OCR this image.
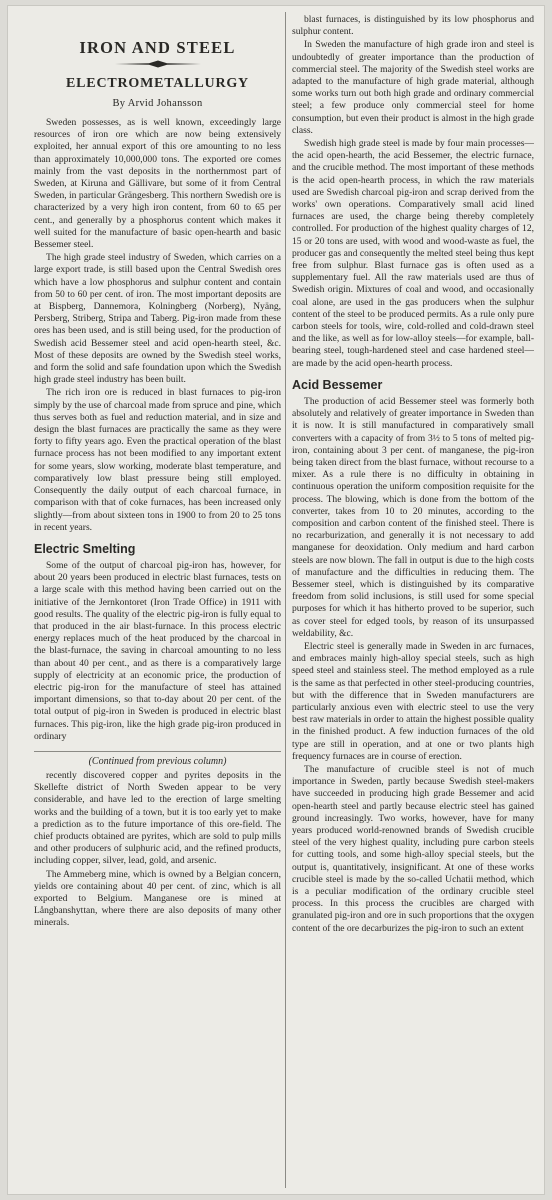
IRON AND STEEL
ELECTROMETALLURGY
By Arvid Johansson

Sweden possesses, as is well known, exceedingly large resources of iron ore which are now being extensively exploited, her annual export of this ore amounting to no less than approximately 10,000,000 tons. The exported ore comes mainly from the vast deposits in the northernmost part of Sweden, at Kiruna and Gällivare, but some of it from Central Sweden, in particular Grängesberg. This northern Swedish ore is characterized by a very high iron content, from 60 to 65 per cent., and generally by a phosphorus content which makes it well suited for the manufacture of basic open-hearth and basic Bessemer steel.

The high grade steel industry of Sweden, which carries on a large export trade, is still based upon the Central Swedish ores which have a low phosphorus and sulphur content and contain from 50 to 60 per cent. of iron. The most important deposits are at Bispberg, Dannemora, Kolningberg (Norberg), Nyäng, Persberg, Striberg, Stripa and Taberg. Pig-iron made from these ores has been used, and is still being used, for the production of Swedish acid Bessemer steel and acid open-hearth steel, &c. Most of these deposits are owned by the Swedish steel works, and form the solid and safe foundation upon which the Swedish high grade steel industry has been built.

The rich iron ore is reduced in blast furnaces to pig-iron simply by the use of charcoal made from spruce and pine, which thus serves both as fuel and reduction material, and in size and design the blast furnaces are practically the same as they were forty to fifty years ago. Even the practical operation of the blast furnace process has not been modified to any important extent for some years, slow working, moderate blast temperature, and comparatively low blast pressure being still employed. Consequently the daily output of each charcoal furnace, in comparison with that of coke furnaces, has been increased only slightly—from about sixteen tons in 1900 to from 20 to 25 tons in recent years.

Electric Smelting

Some of the output of charcoal pig-iron has, however, for about 20 years been produced in electric blast furnaces, tests on a large scale with this method having been carried out on the initiative of the Jernkontoret (Iron Trade Office) in 1911 with good results. The quality of the electric pig-iron is fully equal to that produced in the air blast-furnace. In this process electric energy replaces much of the heat produced by the charcoal in the blast-furnace, the saving in charcoal amounting to no less than about 40 per cent., and as there is a comparatively large supply of electricity at an economic price, the production of electric pig-iron for the manufacture of steel has attained important dimensions, so that to-day about 20 per cent. of the total output of pig-iron in Sweden is produced in electric blast furnaces. This pig-iron, like the high grade pig-iron produced in ordinary

(Continued from previous column)

recently discovered copper and pyrites deposits in the Skellefte district of North Sweden appear to be very considerable, and have led to the erection of large smelting works and the building of a town, but it is too early yet to make a prediction as to the future importance of this ore-field. The chief products obtained are pyrites, which are sold to pulp mills and other producers of sulphuric acid, and the refined products, including copper, silver, lead, gold, and arsenic.

The Ammeberg mine, which is owned by a Belgian concern, yields ore containing about 40 per cent. of zinc, which is all exported to Belgium. Manganese ore is mined at Långbanshyttan, where there are also deposits of many other minerals.

blast furnaces, is distinguished by its low phosphorus and sulphur content.

In Sweden the manufacture of high grade iron and steel is undoubtedly of greater importance than the production of commercial steel. The majority of the Swedish steel works are adapted to the manufacture of high grade material, although some works turn out both high grade and ordinary commercial steel; a few produce only commercial steel for home consumption, but even their product is almost in the high grade class.

Swedish high grade steel is made by four main processes—the acid open-hearth, the acid Bessemer, the electric furnace, and the crucible method. The most important of these methods is the acid open-hearth process, in which the raw materials used are Swedish charcoal pig-iron and scrap derived from the works' own operations. Comparatively small acid lined furnaces are used, the charge being thereby completely controlled. For production of the highest quality charges of 12, 15 or 20 tons are used, with wood and wood-waste as fuel, the producer gas and consequently the melted steel being thus kept free from sulphur. Blast furnace gas is often used as a supplementary fuel. All the raw materials used are thus of Swedish origin. Mixtures of coal and wood, and occasionally coal alone, are used in the gas producers when the sulphur content of the steel to be produced permits. As a rule only pure carbon steels for tools, wire, cold-rolled and cold-drawn steel and the like, as well as for low-alloy steels—for example, ball-bearing steel, tough-hardened steel and case hardened steel—are made by the acid open-hearth process.

Acid Bessemer

The production of acid Bessemer steel was formerly both absolutely and relatively of greater importance in Sweden than it is now. It is still manufactured in comparatively small converters with a capacity of from 3½ to 5 tons of melted pig-iron, containing about 3 per cent. of manganese, the pig-iron being taken direct from the blast furnace, without recourse to a mixer. As a rule there is no difficulty in obtaining in continuous operation the uniform composition requisite for the process. The blowing, which is done from the bottom of the converter, takes from 10 to 20 minutes, according to the composition and carbon content of the finished steel. There is no recarburization, and generally it is not necessary to add manganese for deoxidation. Only medium and hard carbon steels are now blown. The fall in output is due to the high costs of manufacture and the difficulties in reducing them. The Bessemer steel, which is distinguished by its comparative freedom from solid inclusions, is still used for some special purposes for which it has hitherto proved to be superior, such as cover steel for edged tools, by reason of its unsurpassed weldability, &c.

Electric steel is generally made in Sweden in arc furnaces, and embraces mainly high-alloy special steels, such as high speed steel and stainless steel. The method employed as a rule is the same as that perfected in other steel-producing countries, but with the difference that in Sweden manufacturers are particularly anxious even with electric steel to use the very best raw materials in order to attain the highest possible quality in the finished product. A few induction furnaces of the old type are still in operation, and at one or two plants high frequency furnaces are in course of erection.

The manufacture of crucible steel is not of much importance in Sweden, partly because Swedish steel-makers have succeeded in producing high grade Bessemer and acid open-hearth steel and partly because electric steel has gained ground increasingly. Two works, however, have for many years produced world-renowned brands of Swedish crucible steel of the very highest quality, including pure carbon steels for cutting tools, and some high-alloy special steels, but the output is, quantitatively, insignificant. At one of these works crucible steel is made by the so-called Uchatii method, which is a peculiar modification of the ordinary crucible steel process. In this process the crucibles are charged with granulated pig-iron and ore in such proportions that the oxygen content of the ore decarburizes the pig-iron to such an extent
